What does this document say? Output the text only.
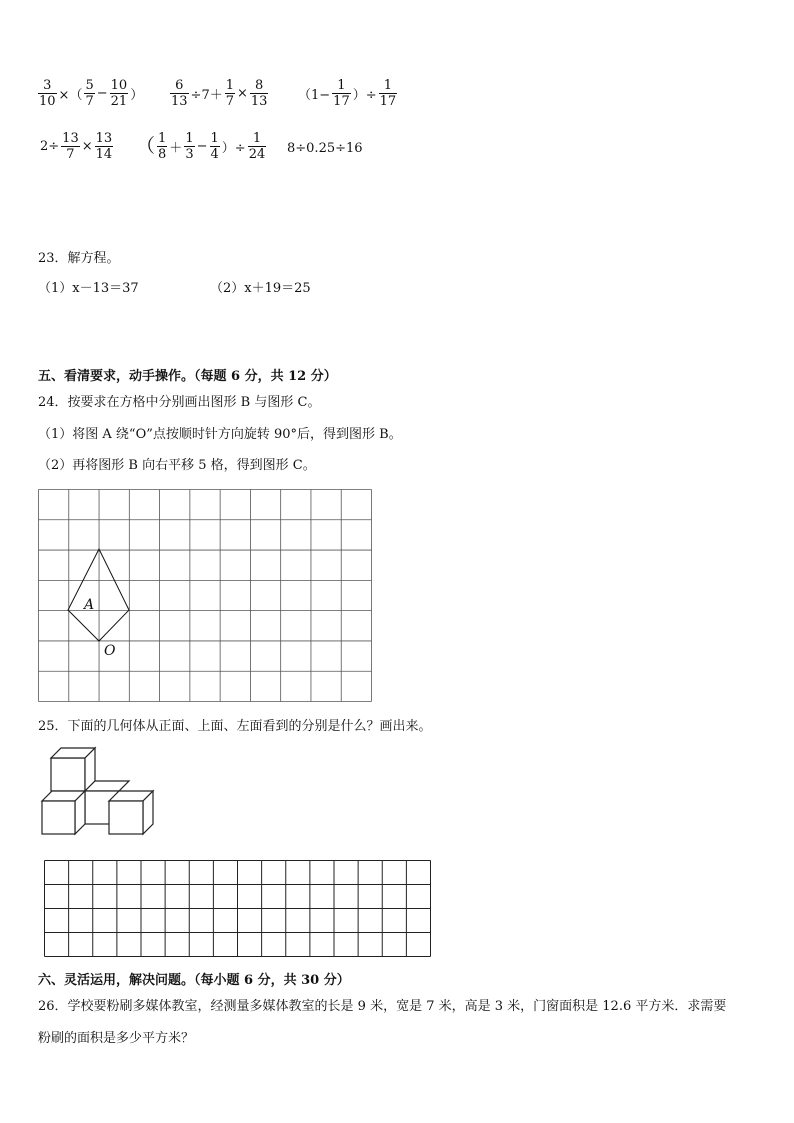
$\frac{3}{10}$ ×（ $\frac{5}{7} - \frac{10}{21}$ ） $\frac{6}{13} \div 7+ \frac{1}{7} \times \frac{8}{13} (1- \frac{1}{17}$ ）÷ $\frac{1}{17}$
$2\div \frac{13}{7} \times \frac{13}{14}$ （ $\frac{1}{8} + \frac{1}{3} - \frac{1}{4}$ ）÷ $\frac{1}{24} 8\div 0.25\div 16$
23．解方程。
（1）x－13＝37	（2）x＋19＝25
五、看清要求，动手操作。（每题 6 分，共 12 分）
24．按要求在方格中分别画出图形 B 与图形 C。
（1）将图 A 绕“O”点按顺时针方向旋转 90°后，得到图形 B。
（2）再将图形 B 向右平移 5 格，得到图形 C。
A
O
25．下面的几何体从正面、上面、左面看到的分别是什么？画出来。
六、灵活运用，解决问题。（每小题 6 分，共 30 分）
26．学校要粉刷多媒体教室，经测量多媒体教室的长是 9 米，宽是 7 米，高是 3 米，门窗面积是 12.6 平方米．求需要
粉刷的面积是多少平方米？
